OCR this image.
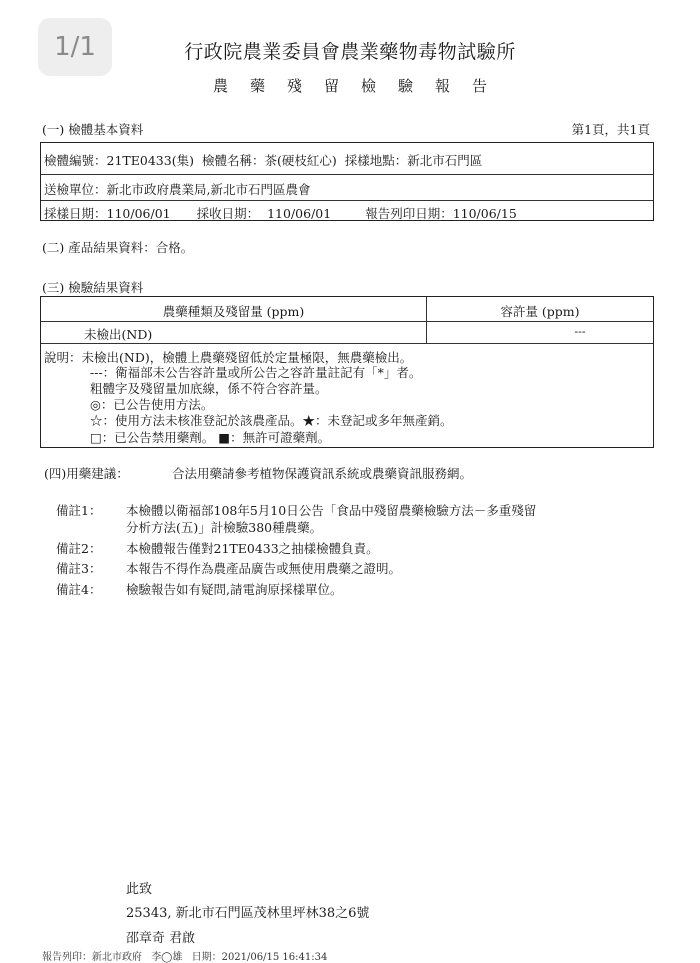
1/1	行政院農業委員會農業藥物毒物試驗所
農藥殘留檢驗報告
(一) 檢體基本資料	第1頁，共1頁
檢體編號：21TE0433(集) 檢體名稱：茶(硬枝紅心) 採樣地點：新北市石門區
送檢單位：新北市政府農業局,新北市石門區農會
採樣日期：110/06/01 採收日期： 110/06/01	報告列印日期：110/06/15
(二) 產品結果資料：合格。
(三) 檢驗結果資料
農藥種類及殘留量 (ppm)	容許量 (ppm)
未檢出(ND)	---
說明：未檢出(ND)，檢體上農藥殘留低於定量極限，無農藥檢出。
---：衛福部未公告容許量或所公告之容許量註記有「*」者。
粗體字及殘留量加底線，係不符合容許量。
◎：已公告使用方法。
☆：使用方法未核准登記於該農產品。★：未登記或多年無產銷。
□：已公告禁用藥劑。 ■：無許可證藥劑。
(四)用藥建議：	合法用藥請參考植物保護資訊系統或農藥資訊服務網。
備註1： 本檢體以衛福部108年5月10日公告「食品中殘留農藥檢驗方法－多重殘留
分析方法(五)」計檢驗380種農藥。
備註2： 本檢體報告僅對21TE0433之抽樣檢體負責。
備註3： 本報告不得作為農產品廣告或無使用農藥之證明。
備註4： 檢驗報告如有疑問,請電詢原採樣單位。
此致
25343, 新北市石門區茂林里坪林38之6號
邵章奇 君啟
報告列印：新北市政府 李◯雄 日期：2021/06/15 16:41:34
